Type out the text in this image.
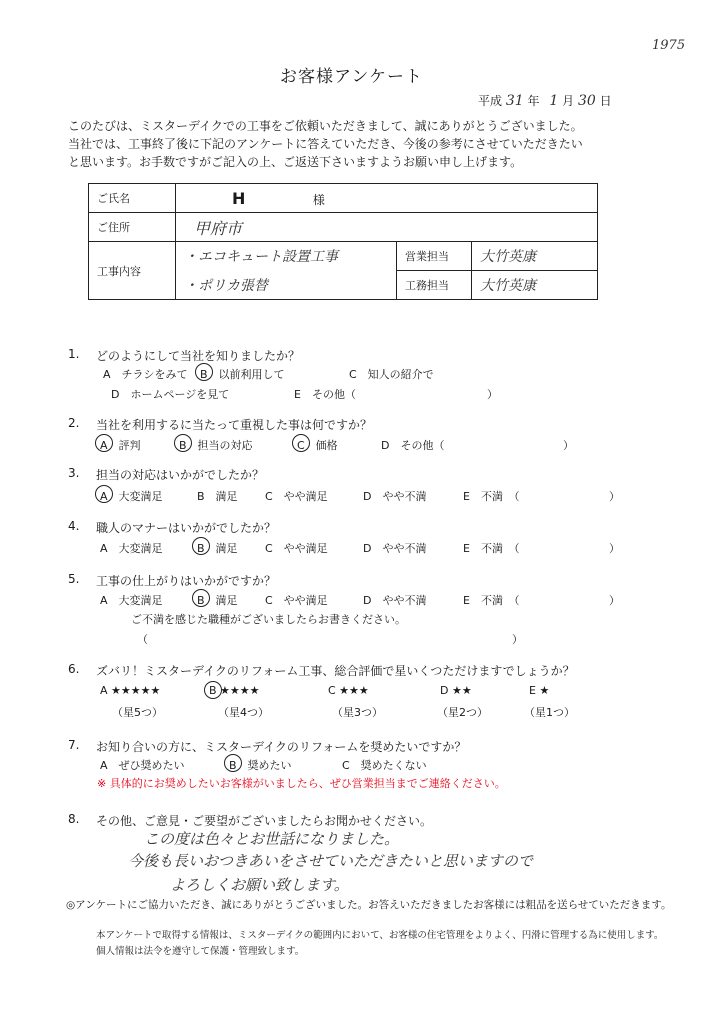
1975
お客様アンケート
平成 31 年 1 月 30 日
このたびは、ミスターデイクでの工事をご依頼いただきまして、誠にありがとうございました。
当社では、工事終了後に下記のアンケートに答えていただき、今後の参考にさせていただきたい
と思います。お手数ですがご記入の上、ご返送下さいますようお願い申し上げます。
ご氏名	H 様		
ご住所	甲府市		
工事内容	・エコキュート設置工事	営業担当	大竹英康
	・ポリカ張替	工務担当	大竹英康
1. どのようにして当社を知りましたか？
A　チラシをみて B　以前利用して	C　知人の紹介で
D　ホームページを見て	E　その他（	）
2. 当社を利用するに当たって重視した事は何ですか？
A　評判	B　担当の対応	C　価格	D　その他（	）
3. 担当の対応はいかがでしたか？
A　大変満足	B　満足 C　やや満足	D　やや不満	E　不満　（	）
4. 職人のマナーはいかがでしたか？
A　大変満足	B　満足 C　やや満足	D　やや不満	E　不満　（	）
5. 工事の仕上がりはいかがですか？
A　大変満足	B　満足 C　やや満足	D　やや不満	E　不満　（	）
ご不満を感じた職種がございましたらお書きください。
（	）
6. ズバリ！ミスターデイクのリフォーム工事、総合評価で星いくつただけますでしょうか？
A ★★★★★	B ★★★★	C ★★★	D ★★	E ★
（星5つ）	（星4つ）	（星3つ）	（星2つ）	（星1つ）
7. お知り合いの方に、ミスターデイクのリフォームを奨めたいですか？
A　ぜひ奨めたい	B　奨めたい	C　奨めたくない
※ 具体的にお奨めしたいお客様がいましたら、ぜひ営業担当までご連絡ください。
8. その他、ご意見・ご要望がございましたらお聞かせください。
この度は色々とお世話になりました。
今後も長いおつきあいをさせていただきたいと思いますので
よろしくお願い致します。
◎アンケートにご協力いただき、誠にありがとうございました。お答えいただきましたお客様には粗品を送らせていただきます。
本アンケートで取得する情報は、ミスターデイクの範囲内において、お客様の住宅管理をよりよく、円滑に管理する為に使用します。
個人情報は法令を遵守して保護・管理致します。
